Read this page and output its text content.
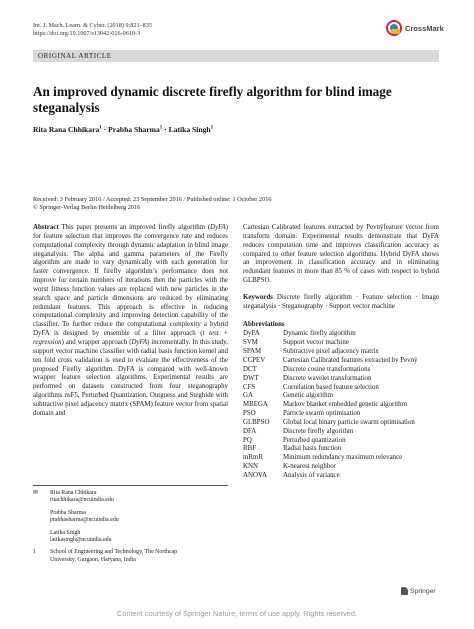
Int. J. Mach. Learn. & Cyber. (2018) 9:821–835
https://doi.org/10.1007/s13042-016-0610-3
CrossMark
ORIGINAL ARTICLE
An improved dynamic discrete firefly algorithm for blind image steganalysis
Rita Rana Chhikara$^1$ · Prabha Sharma$^1$ · Latika Singh$^1$
Received: 3 February 2016 / Accepted: 23 September 2016 / Published online: 1 October 2016
© Springer-Verlag Berlin Heidelberg 2016
Abstract This paper presents an improved firefly algorithm (DyFA) for feature selection that improves the convergence rate and reduces computational complexity through dynamic adaptation in blind image steganalysis. The alpha and gamma parameters of the Firefly algorithm are made to vary dynamically with each generation for faster convergence. If firefly algorithm’s performance does not improve for certain numbers of iterations then the particles with the worst fitness function values are replaced with new particles in the search space and particle dimensions are reduced by eliminating redundant features. This approach is effective in reducing computational complexity and improving detection capability of the classifier. To further reduce the computational complexity a hybrid DyFA is designed by ensemble of a filter approach (t test + regression) and wrapper approach (DyFA) incrementally. In this study, support vector machine classifier with radial basis function kernel and ten fold cross validation is used to evaluate the effectiveness of the proposed Firefly algorithm. DyFA is compared with well-known wrapper feature selection algorithms. Experimental results are performed on datasets constructed from four steganography algorithms nsF5, Perturbed Quantization, Outguess and Steghide with subtractive pixel adjacency matrix (SPAM) feature vector from spatial domain and
Cartesian Calibrated features extracted by Pevnýfeature vector from transform domain. Experimental results demonstrate that DyFA reduces computation time and improves classification accuracy as compared to other feature selection algorithms. Hybrid DyFA shows an improvement in classification accuracy and in eliminating redundant features in more than 85 % of cases with respect to hybrid GLBPSO.
Keywords Discrete firefly algorithm · Feature selection · Image steganalysis · Steganography · Support vector machine
Abbreviations
DyFA	Dynamic firefly algorithm
SVM	Support vector machine
SPAM	Subtractive pixel adjacency matrix
CCPEV	Cartesian Calibrated features extracted by Pevný
DCT	Discrete cosine transformations
DWT	Discrete wavelet transformation
CFS	Correlation based feature selection
GA	Genetic algorithm
MBEGA	Markov blanket embedded genetic algorithm
PSO	Particle swarm optimisation
GLBPSO	Global local binary particle swarm optimisation
DFA	Discrete firefly algorithm
PQ	Perturbed quantization
RBF	Radial basis function
mRmR	Minimum redundancy maximum relevance
KNN	K-nearest neighbor
ANOVA	Analysis of variance
✉	Rita Rana Chhikara
ritachhikara@ncuindia.edu
Prabha Sharma
prabhasharma@ncuindia.edu
Latika Singh
latikasingh@ncuindia.edu
1	School of Engineering and Technology, The Northcap
University, Gurgaon, Haryana, India
Springer
Content courtesy of Springer Nature, terms of use apply. Rights reserved.
